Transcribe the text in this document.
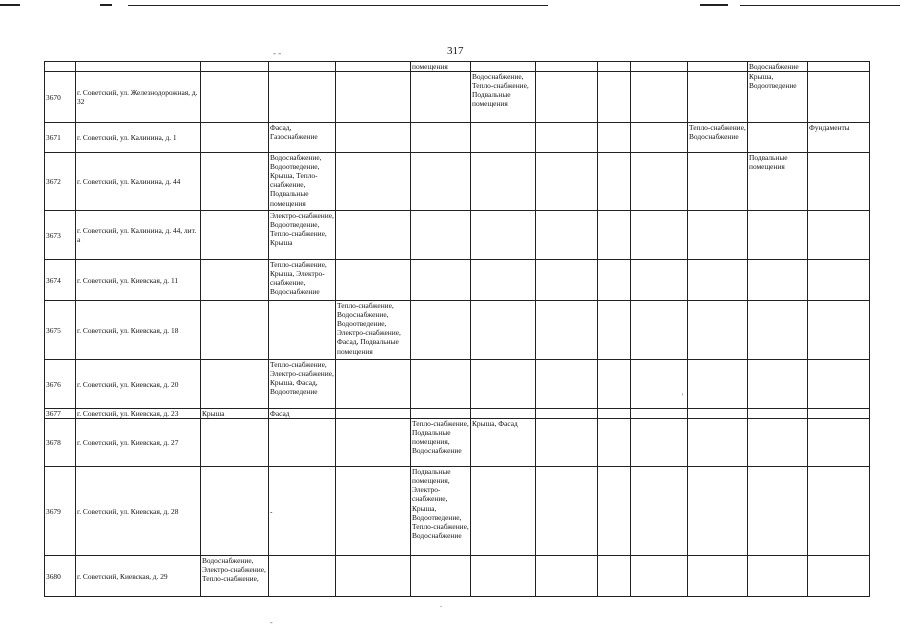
317
- -
					помещения						Водоснабжение	
3670	г. Советский, ул. Железнодорожная, д. 32					Водоснабжение, Тепло-снабжение, Подвальные помещения					Крыша, Водоотведение	
3671	г. Советский, ул. Калинина, д. 1		Фасад, Газоснабжение							Тепло-снабжение, Водоснабжение		Фундаменты
3672	г. Советский, ул. Калинина, д. 44		Водоснабжение, Водоотведение, Крыша, Тепло-снабжение, Подвальные помещения								Подвальные помещения	
3673	г. Советский, ул. Калинина, д. 44, лит. а		Электро-снабжение, Водоотведение, Тепло-снабжение, Крыша									
3674	г. Советский, ул. Киевская, д. 11		Тепло-снабжение, Крыша, Электро-снабжение, Водоснабжение									
3675	г. Советский, ул. Киевская, д. 18			Тепло-снабжение, Водоснабжение, Водоотведение, Электро-снабжение, Фасад, Подвальные помещения								
3676	г. Советский, ул. Киевская, д. 20		Тепло-снабжение, Электро-снабжение, Крыша, Фасад, Водоотведение									
3677	г. Советский, ул. Киевская, д. 23	Крыша	Фасад									
3678	г. Советский, ул. Киевская, д. 27				Тепло-снабжение, Подвальные помещения, Водоснабжение	Крыша, Фасад						
3679	г. Советский, ул. Киевская, д. 28		-		Подвальные помещения, Электро-снабжение, Крыша, Водоотведение, Тепло-снабжение, Водоснабжение							
3680	г. Советский, Киевская, д. 29	Водоснабжение, Электро-снабжение, Тепло-снабжение,										
'
.
-
